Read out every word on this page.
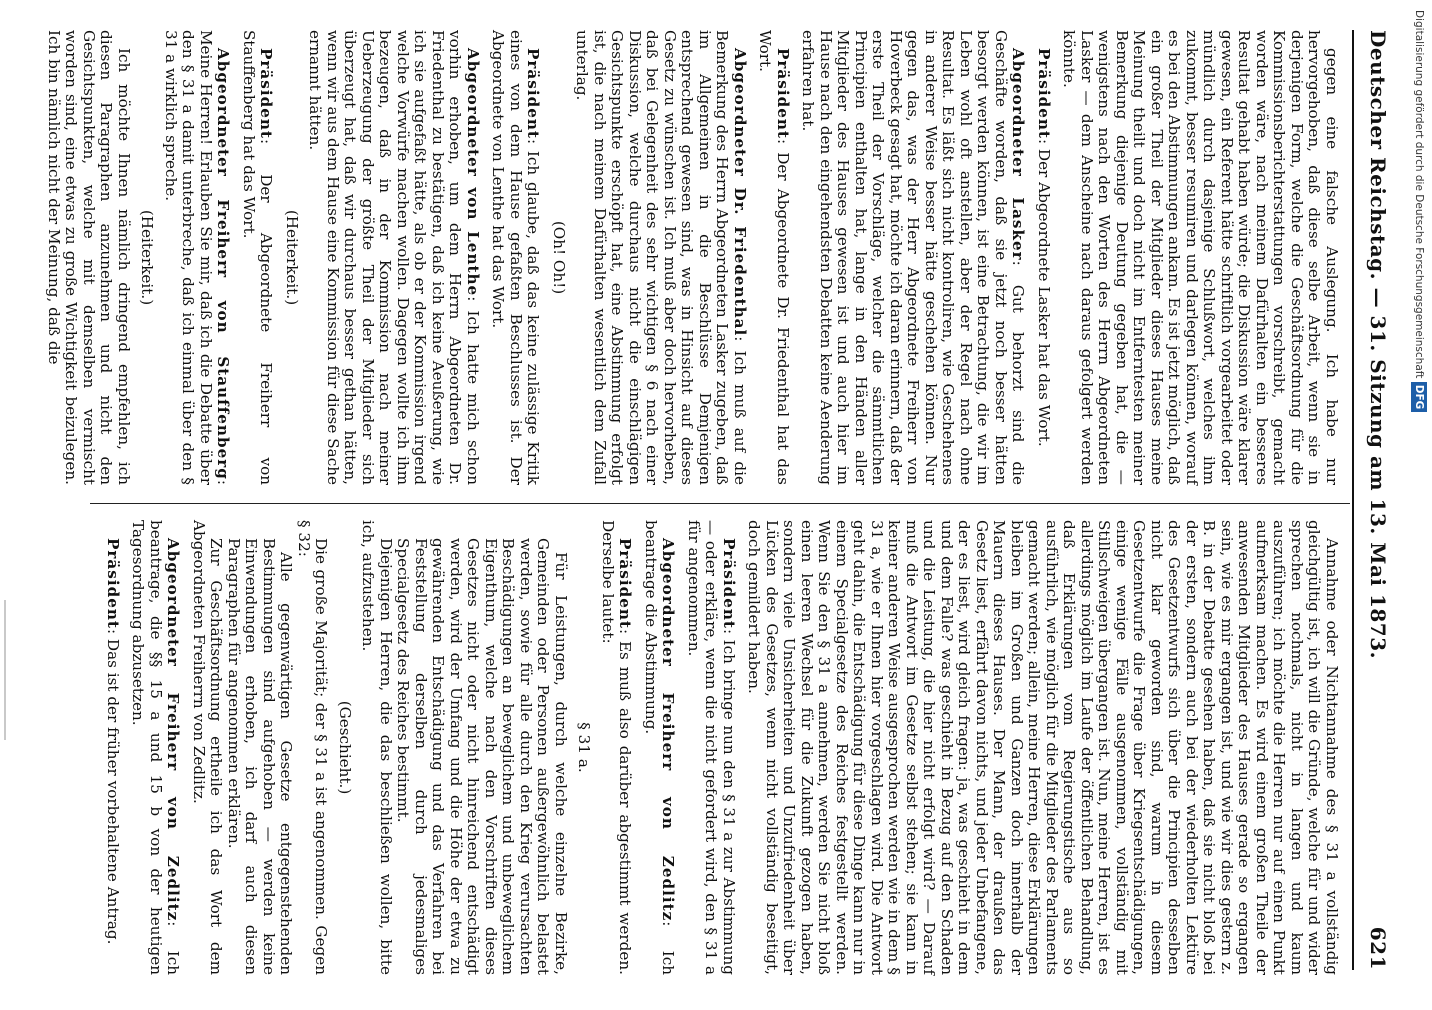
Deutscher Reichstag. — 31. Sitzung am 13. Mai 1873.
621

gegen eine falsche Auslegung. Ich habe nur hervorgehoben, daß diese selbe Arbeit, wenn sie in derjenigen Form, welche die Geschäftsordnung für die Kommissionsberichterstattungen vorschreibt, gemacht worden wäre, nach meinem Dafürhalten ein besseres Resultat gehabt haben würde; die Diskussion wäre klarer gewesen, ein Referent hätte schriftlich vorgearbeitet oder mündlich durch dasjenige Schlußwort, welches ihm zukommt, besser resumiren und darlegen können, worauf es bei den Abstimmungen ankam. Es ist jetzt möglich, daß ein großer Theil der Mitglieder dieses Hauses meine Meinung theilt und doch nicht im Entferntesten meiner Bemerkung diejenige Deutung gegeben hat, die — wenigstens nach den Worten des Herrn Abgeordneten Lasker — dem Anscheine nach daraus gefolgert werden könnte.

Präsident: Der Abgeordnete Lasker hat das Wort.

Abgeordneter Lasker: Gut behorzt sind die Geschäfte worden, daß sie jetzt noch besser hätten besorgt werden können, ist eine Betrachtung, die wir im Leben wohl oft anstellen, aber der Regel nach ohne Resultat. Es läßt sich nicht kontroliren, wie Geschehenes in anderer Weise besser hätte geschehen können. Nur gegen das, was der Herr Abgeordnete Freiherr von Hoverbeck gesagt hat, möchte ich daran erinnern, daß der erste Theil der Vorschläge, welcher die sämmtlichen Principien enthalten hat, lange in den Händen aller Mitglieder des Hauses gewesen ist und auch hier im Hause nach den eingehendsten Debatten keine Aenderung erfahren hat.

Präsident: Der Abgeordnete Dr. Friedenthal hat das Wort.

Abgeordneter Dr. Friedenthal: Ich muß auf die Bemerkung des Herrn Abgeordneten Lasker zugeben, daß im Allgemeinen in die Beschlüsse Demjenigen entsprechend gewesen sind, was in Hinsicht auf dieses Gesetz zu wünschen ist. Ich muß aber doch hervorheben, daß bei Gelegenheit des sehr wichtigen § 6 nach einer Diskussion, welche durchaus nicht die einschlägigen Gesichtspunkte erschöpft hat, eine Abstimmung erfolgt ist, die nach meinem Dafürhalten wesentlich dem Zufall unterlag.

(Oh! Oh!)

Präsident: Ich glaube, daß das keine zulässige Kritik eines von dem Hause gefaßten Beschlusses ist. Der Abgeordnete von Lenthe hat das Wort.

Abgeordneter von Lenthe: Ich hatte mich schon vorhin erhoben, um dem Herrn Abgeordneten Dr. Friedenthal zu bestätigen, daß ich keine Aeußerung, wie ich sie aufgefaßt hätte, als ob er der Kommission irgend welche Vorwürfe machen wollen. Dagegen wollte ich ihm bezeugen, daß in der Kommission nach meiner Ueberzeugung der größte Theil der Mitglieder sich überzeugt hat, daß wir durchaus besser gethan hätten, wenn wir aus dem Hause eine Kommission für diese Sache ernannt hätten.

(Heiterkeit.)

Präsident: Der Abgeordnete Freiherr von Stauffenberg hat das Wort.

Abgeordneter Freiherr von Stauffenberg: Meine Herren! Erlauben Sie mir, daß ich die Debatte über den § 31 a damit unterbreche, daß ich einmal über den § 31 a wirklich spreche.

(Heiterkeit.)

Ich möchte Ihnen nämlich dringend empfehlen, ich diesen Paragraphen anzunehmen und nicht den Gesichtspunkten, welche mit demselben vermischt worden sind, eine etwas zu große Wichtigkeit beizulegen. Ich bin nämlich nicht der Meinung, daß die

Annahme oder Nichtannahme des § 31 a vollständig gleichgültig ist, ich will die Gründe, welche für und wider sprechen nochmals, nicht in langen und kaum auszuführen; ich möchte die Herren nur auf einen Punkt aufmerksam machen. Es wird einem großen Theile der anwesenden Mitglieder des Hauses gerade so ergangen sein, wie es mir ergangen ist, und wie wir dies gestern z. B. in der Debatte gesehen haben, daß sie nicht bloß bei der ersten, sondern auch bei der wiederholten Lektüre des Gesetzentwurfs sich über die Principien desselben nicht klar geworden sind, warum in diesem Gesetzentwurfe die Frage über Kriegsentschädigungen, einige wenige Fälle ausgenommen, vollständig mit Stillschweigen übergangen ist. Nun, meine Herren, ist es allerdings möglich im Laufe der öffentlichen Behandlung, daß Erklärungen vom Regierungstische aus so ausführlich, wie möglich für die Mitglieder des Parlaments gemacht werden; allein, meine Herren, diese Erklärungen bleiben im Großen und Ganzen doch innerhalb der Mauern dieses Hauses. Der Mann, der draußen das Gesetz liest, erfährt davon nichts, und jeder Unbefangene, der es liest, wird gleich fragen: ja, was geschieht in dem und dem Falle? was geschieht in Bezug auf den Schaden und die Leistung, die hier nicht erfolgt wird? — Darauf muß die Antwort im Gesetze selbst stehen; sie kann in keiner anderen Weise ausgesprochen werden wie in dem § 31 a, wie er Ihnen hier vorgeschlagen wird. Die Antwort geht dahin, die Entschädigung für diese Dinge kann nur in einem Specialgesetze des Reiches festgestellt werden. Wenn Sie den § 31 a annehmen, werden Sie nicht bloß einen leeren Wechsel für die Zukunft gezogen haben, sondern viele Unsicherheiten und Unzufriedenheit über Lücken des Gesetzes, wenn nicht vollständig beseitigt, doch gemildert haben.

Präsident: Ich bringe nun den § 31 a zur Abstimmung — oder erkläre, wenn die nicht gefordert wird, den § 31 a für angenommen.

Abgeordneter Freiherr von Zedlitz: Ich beantrage die Abstimmung.

Präsident: Es muß also darüber abgestimmt werden. Derselbe lautet:

§ 31 a.

Für Leistungen, durch welche einzelne Bezirke, Gemeinden oder Personen außergewöhnlich belastet werden, sowie für alle durch den Krieg verursachten Beschädigungen an beweglichem und unbeweglichem Eigenthum, welche nach den Vorschriften dieses Gesetzes nicht oder nicht hinreichend entschädigt werden, wird der Umfang und die Höhe der etwa zu gewährenden Entschädigung und das Verfahren bei Feststellung derselben durch jedesmaliges Specialgesetz des Reiches bestimmt.

Diejenigen Herren, die das beschließen wollen, bitte ich, aufzustehen.

(Geschieht.)

Die große Majorität; der § 31 a ist angenommen. Gegen § 32:

Alle gegenwärtigen Gesetze entgegenstehenden Bestimmungen sind aufgehoben — werden keine Einwendungen erhoben, ich darf auch diesen Paragraphen für angenommen erklären.

Zur Geschäftsordnung ertheile ich das Wort dem Abgeordneten Freiherrn von Zedlitz.

Abgeordneter Freiherr von Zedlitz: Ich beantrage, die §§ 15 a und 15 b von der heutigen Tagesordnung abzusetzen.

Präsident: Das ist der früher vorbehaltene Antrag.

Digitalisierung gefördert durch die Deutsche Forschungsgemeinschaft DFG
